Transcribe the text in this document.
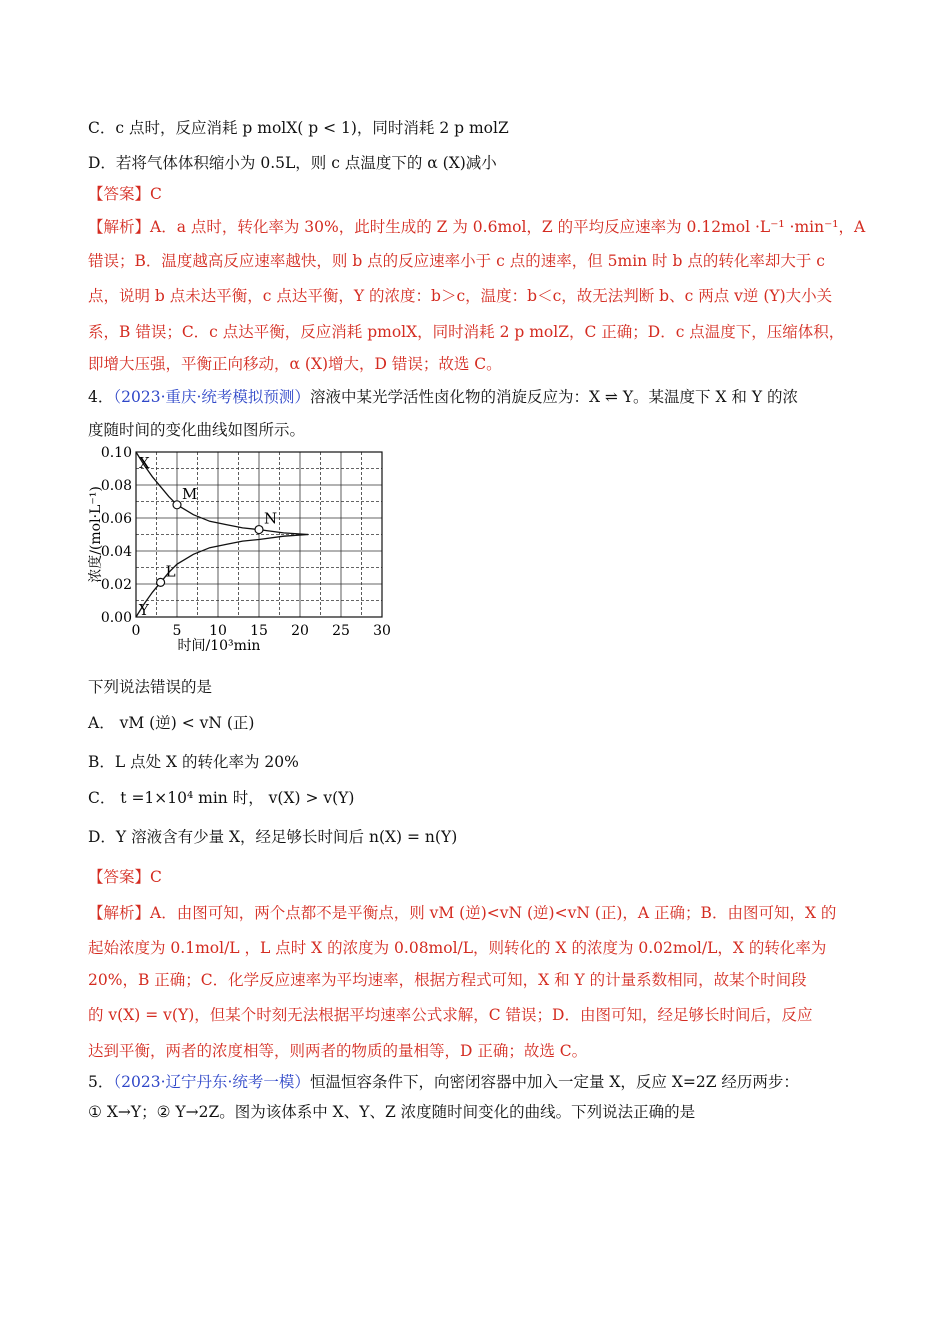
C．c 点时，反应消耗 p molX( p < 1)，同时消耗 2 p molZ
D．若将气体体积缩小为 0.5L，则 c 点温度下的 α (X)减小
【答案】C
【解析】A．a 点时，转化率为 30%，此时生成的 Z 为 0.6mol，Z 的平均反应速率为 0.12mol ·L⁻¹ ·min⁻¹，A
错误；B．温度越高反应速率越快，则 b 点的反应速率小于 c 点的速率，但 5min 时 b 点的转化率却大于 c
点，说明 b 点未达平衡，c 点达平衡，Y 的浓度：b＞c，温度：b＜c，故无法判断 b、c 两点 v逆 (Y)大小关
系，B 错误；C．c 点达平衡，反应消耗 pmolX，同时消耗 2 p molZ，C 正确；D．c 点温度下，压缩体积，
即增大压强，平衡正向移动，α (X)增大，D 错误；故选 C。
4．（2023·重庆·统考模拟预测）溶液中某光学活性卤化物的消旋反应为：X ⇌ Y。某温度下 X 和 Y 的浓
度随时间的变化曲线如图所示。
0 5 10 15 20 25 30
0.00
0.02
0.04
0.06
0.08
0.10
时间/10³min
浓度/(mol·L⁻¹)
X
Y
M
N
L
下列说法错误的是
A． vM (逆) < vN (正)
B．L 点处 X 的转化率为 20%
C． t =1×10⁴ min 时， v(X) > v(Y)
D．Y 溶液含有少量 X，经足够长时间后 n(X) = n(Y)
【答案】C
【解析】A．由图可知，两个点都不是平衡点，则 vM (逆)<vN (逆)<vN (正)，A 正确；B．由图可知，X 的
起始浓度为 0.1mol/L ，L 点时 X 的浓度为 0.08mol/L，则转化的 X 的浓度为 0.02mol/L，X 的转化率为
20%，B 正确；C．化学反应速率为平均速率，根据方程式可知，X 和 Y 的计量系数相同，故某个时间段
的 v(X) = v(Y)，但某个时刻无法根据平均速率公式求解，C 错误；D．由图可知，经足够长时间后，反应
达到平衡，两者的浓度相等，则两者的物质的量相等，D 正确；故选 C。
5．（2023·辽宁丹东·统考一模）恒温恒容条件下，向密闭容器中加入一定量 X，反应 X=2Z 经历两步：
① X→Y；② Y→2Z。图为该体系中 X、Y、Z 浓度随时间变化的曲线。下列说法正确的是
